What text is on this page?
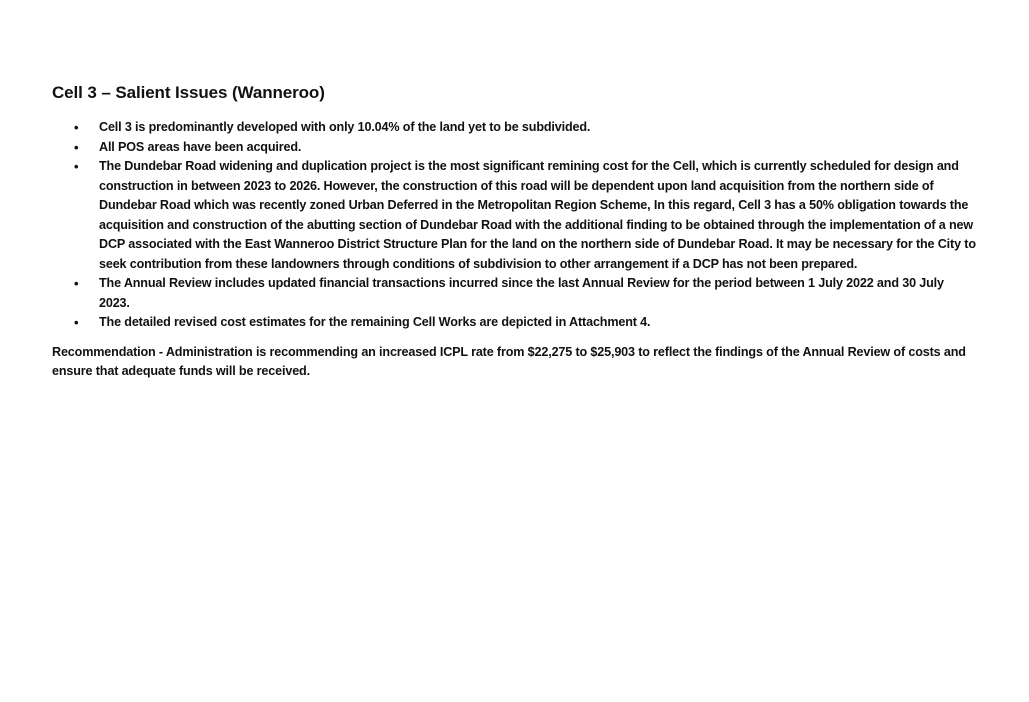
Cell 3 – Salient Issues (Wanneroo)
• Cell 3 is predominantly developed with only 10.04% of the land yet to be subdivided.
• All POS areas have been acquired.
• The Dundebar Road widening and duplication project is the most significant remining cost for the Cell, which is currently scheduled for design and construction in between 2023 to 2026. However, the construction of this road will be dependent upon land acquisition from the northern side of Dundebar Road which was recently zoned Urban Deferred in the Metropolitan Region Scheme, In this regard, Cell 3 has a 50% obligation towards the acquisition and construction of the abutting section of Dundebar Road with the additional finding to be obtained through the implementation of a new DCP associated with the East Wanneroo District Structure Plan for the land on the northern side of Dundebar Road. It may be necessary for the City to seek contribution from these landowners through conditions of subdivision to other arrangement if a DCP has not been prepared.
• The Annual Review includes updated financial transactions incurred since the last Annual Review for the period between 1 July 2022 and 30 July 2023.
• The detailed revised cost estimates for the remaining Cell Works are depicted in Attachment 4.

Recommendation - Administration is recommending an increased ICPL rate from $22,275 to $25,903 to reflect the findings of the Annual Review of costs and ensure that adequate funds will be received.
